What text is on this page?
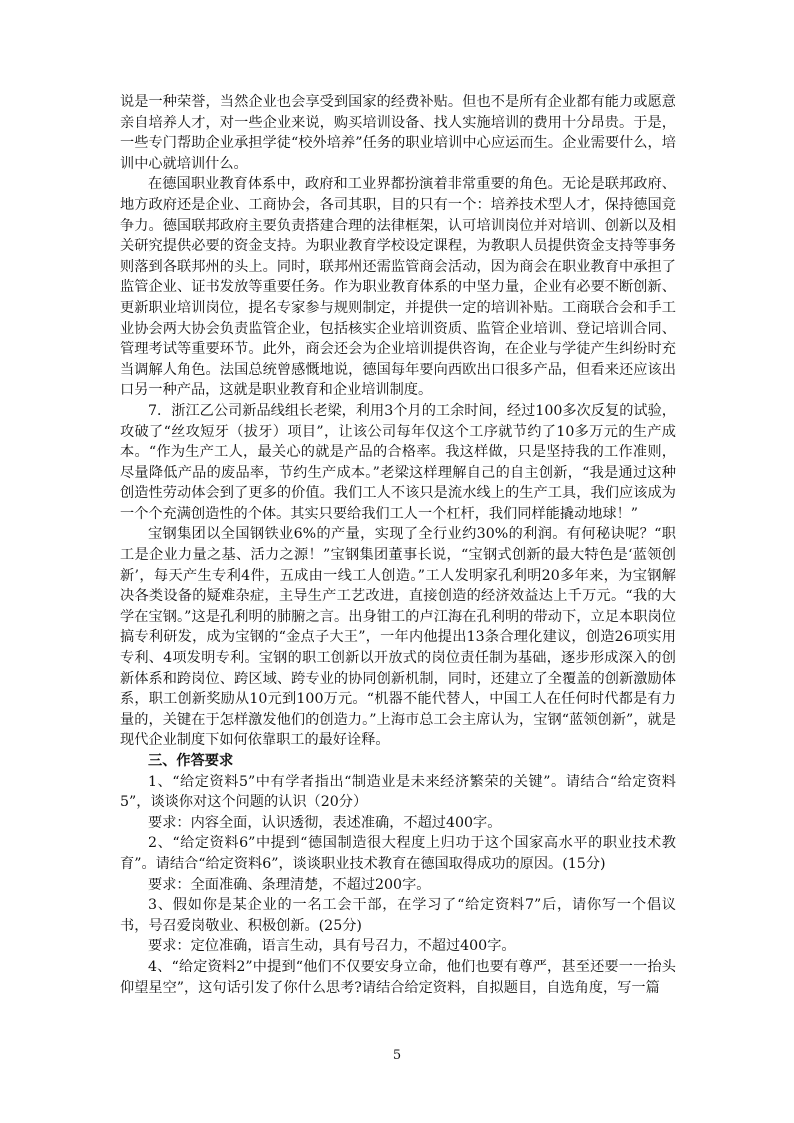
说是一种荣誉，当然企业也会享受到国家的经费补贴。但也不是所有企业都有能力或愿意亲自培养人才，对一些企业来说，购买培训设备、找人实施培训的费用十分昂贵。于是，一些专门帮助企业承担学徒“校外培养”任务的职业培训中心应运而生。企业需要什么，培训中心就培训什么。

在德国职业教育体系中，政府和工业界都扮演着非常重要的角色。无论是联邦政府、地方政府还是企业、工商协会，各司其职，目的只有一个：培养技术型人才，保持德国竞争力。德国联邦政府主要负责搭建合理的法律框架，认可培训岗位并对培训、创新以及相关研究提供必要的资金支持。为职业教育学校设定课程，为教职人员提供资金支持等事务则落到各联邦州的头上。同时，联邦州还需监管商会活动，因为商会在职业教育中承担了监管企业、证书发放等重要任务。作为职业教育体系的中坚力量，企业有必要不断创新、更新职业培训岗位，提名专家参与规则制定，并提供一定的培训补贴。工商联合会和手工业协会两大协会负责监管企业，包括核实企业培训资质、监管企业培训、登记培训合同、管理考试等重要环节。此外，商会还会为企业培训提供咨询，在企业与学徒产生纠纷时充当调解人角色。法国总统曾感慨地说，德国每年要向西欧出口很多产品，但看来还应该出口另一种产品，这就是职业教育和企业培训制度。

7．浙江乙公司新品线组长老梁，利用3个月的工余时间，经过100多次反复的试验，攻破了“丝攻短牙（拔牙）项目”，让该公司每年仅这个工序就节约了10多万元的生产成本。“作为生产工人，最关心的就是产品的合格率。我这样做，只是坚持我的工作准则，尽量降低产品的废品率，节约生产成本。”老梁这样理解自己的自主创新，“我是通过这种创造性劳动体会到了更多的价值。我们工人不该只是流水线上的生产工具，我们应该成为一个个充满创造性的个体。其实只要给我们工人一个杠杆，我们同样能撬动地球！”

宝钢集团以全国钢铁业6%的产量，实现了全行业约30%的利润。有何秘诀呢？“职工是企业力量之基、活力之源！”宝钢集团董事长说，“宝钢式创新的最大特色是‘蓝领创新’，每天产生专利4件，五成由一线工人创造。”工人发明家孔利明20多年来，为宝钢解决各类设备的疑难杂症，主导生产工艺改进，直接创造的经济效益达上千万元。“我的大学在宝钢。”这是孔利明的肺腑之言。出身钳工的卢江海在孔利明的带动下，立足本职岗位搞专利研发，成为宝钢的“金点子大王”，一年内他提出13条合理化建议，创造26项实用专利、4项发明专利。宝钢的职工创新以开放式的岗位责任制为基础，逐步形成深入的创新体系和跨岗位、跨区域、跨专业的协同创新机制，同时，还建立了全覆盖的创新激励体系，职工创新奖励从10元到100万元。“机器不能代替人，中国工人在任何时代都是有力量的，关键在于怎样激发他们的创造力。”上海市总工会主席认为，宝钢“蓝领创新”，就是现代企业制度下如何依靠职工的最好诠释。

三、作答要求

1、“给定资料5”中有学者指出“制造业是未来经济繁荣的关键”。请结合“给定资料5”，谈谈你对这个问题的认识（20分）

要求：内容全面，认识透彻，表述准确，不超过400字。

2、“给定资料6”中提到“德国制造很大程度上归功于这个国家高水平的职业技术教育”。请结合“给定资料6”，谈谈职业技术教育在德国取得成功的原因。(15分)

要求：全面准确、条理清楚，不超过200字。

3、假如你是某企业的一名工会干部，在学习了“给定资料7”后，请你写一个倡议书，号召爱岗敬业、积极创新。(25分)

要求：定位准确，语言生动，具有号召力，不超过400字。

4、“给定资料2”中提到“他们不仅要安身立命，他们也要有尊严，甚至还要一一抬头仰望星空”，这句话引发了你什么思考?请结合给定资料，自拟题目，自选角度，写一篇

5
